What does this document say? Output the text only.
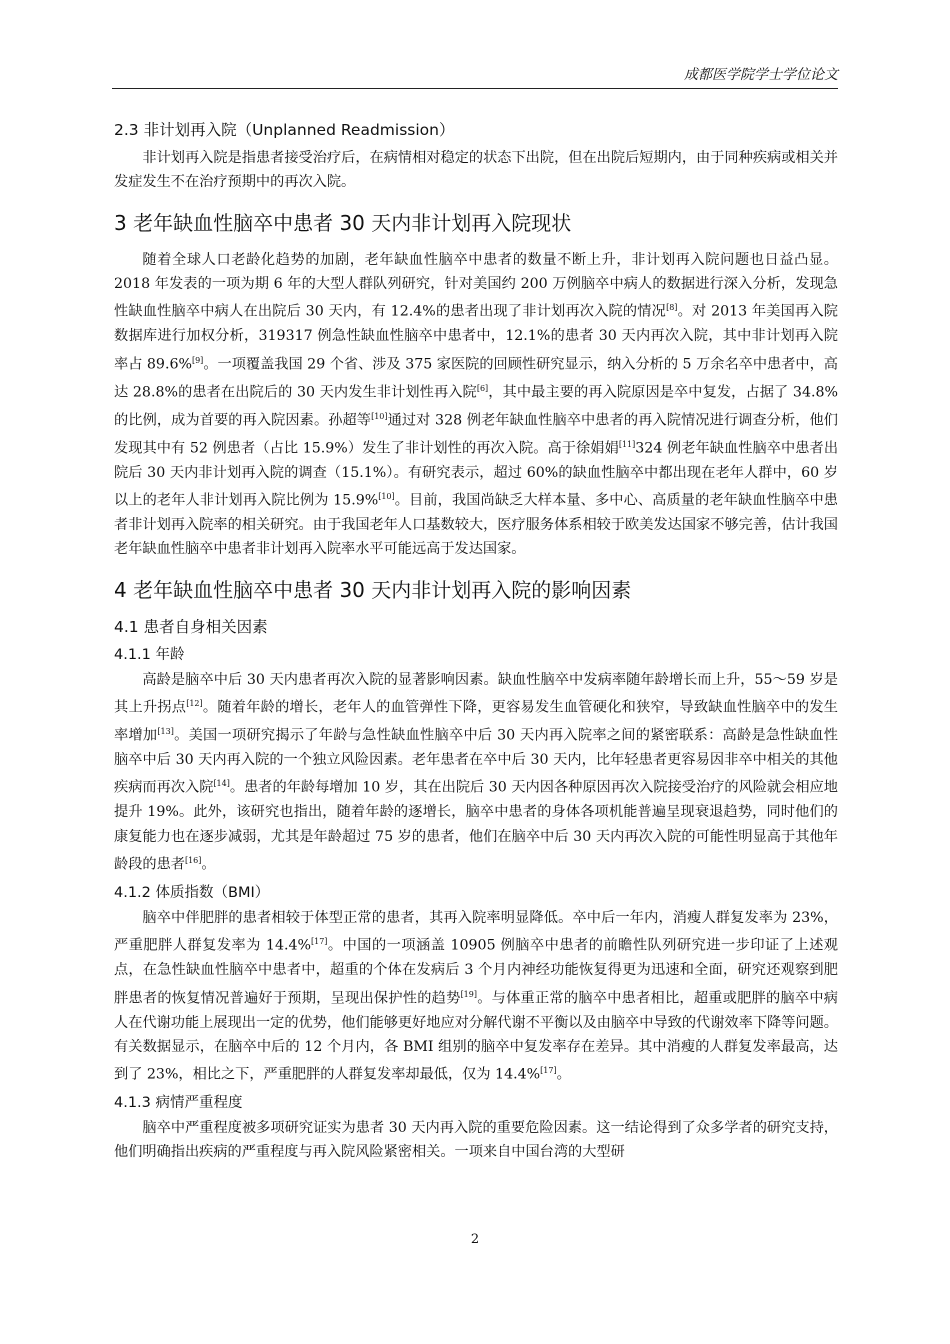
成都医学院学士学位论文
2.3 非计划再入院（Unplanned Readmission）

非计划再入院是指患者接受治疗后，在病情相对稳定的状态下出院，但在出院后短期内，由于同种疾病或相关并发症发生不在治疗预期中的再次入院。

3 老年缺血性脑卒中患者 30 天内非计划再入院现状

随着全球人口老龄化趋势的加剧，老年缺血性脑卒中患者的数量不断上升，非计划再入院问题也日益凸显。2018 年发表的一项为期 6 年的大型人群队列研究，针对美国约 200 万例脑卒中病人的数据进行深入分析，发现急性缺血性脑卒中病人在出院后 30 天内，有 12.4%的患者出现了非计划再次入院的情况[8]。对 2013 年美国再入院数据库进行加权分析，319317 例急性缺血性脑卒中患者中，12.1%的患者 30 天内再次入院，其中非计划再入院率占 89.6%[9]。一项覆盖我国 29 个省、涉及 375 家医院的回顾性研究显示，纳入分析的 5 万余名卒中患者中，高达 28.8%的患者在出院后的 30 天内发生非计划性再入院[6]，其中最主要的再入院原因是卒中复发，占据了 34.8%的比例，成为首要的再入院因素。孙超等[10]通过对 328 例老年缺血性脑卒中患者的再入院情况进行调查分析，他们发现其中有 52 例患者（占比 15.9%）发生了非计划性的再次入院。高于徐娟娟[11]324 例老年缺血性脑卒中患者出院后 30 天内非计划再入院的调查（15.1%）。有研究表示，超过 60%的缺血性脑卒中都出现在老年人群中，60 岁以上的老年人非计划再入院比例为 15.9%[10]。目前，我国尚缺乏大样本量、多中心、高质量的老年缺血性脑卒中患者非计划再入院率的相关研究。由于我国老年人口基数较大，医疗服务体系相较于欧美发达国家不够完善，估计我国老年缺血性脑卒中患者非计划再入院率水平可能远高于发达国家。

4 老年缺血性脑卒中患者 30 天内非计划再入院的影响因素
4.1 患者自身相关因素
4.1.1 年龄

高龄是脑卒中后 30 天内患者再次入院的显著影响因素。缺血性脑卒中发病率随年龄增长而上升，55～59 岁是其上升拐点[12]。随着年龄的增长，老年人的血管弹性下降，更容易发生血管硬化和狭窄，导致缺血性脑卒中的发生率增加[13]。美国一项研究揭示了年龄与急性缺血性脑卒中后 30 天内再入院率之间的紧密联系：高龄是急性缺血性脑卒中后 30 天内再入院的一个独立风险因素。老年患者在卒中后 30 天内，比年轻患者更容易因非卒中相关的其他疾病而再次入院[14]。患者的年龄每增加 10 岁，其在出院后 30 天内因各种原因再次入院接受治疗的风险就会相应地提升 19%。此外，该研究也指出，随着年龄的逐增长，脑卒中患者的身体各项机能普遍呈现衰退趋势，同时他们的康复能力也在逐步减弱，尤其是年龄超过 75 岁的患者，他们在脑卒中后 30 天内再次入院的可能性明显高于其他年龄段的患者[16]。

4.1.2 体质指数（BMI）

脑卒中伴肥胖的患者相较于体型正常的患者，其再入院率明显降低。卒中后一年内，消瘦人群复发率为 23%，严重肥胖人群复发率为 14.4%[17]。中国的一项涵盖 10905 例脑卒中患者的前瞻性队列研究进一步印证了上述观点，在急性缺血性脑卒中患者中，超重的个体在发病后 3 个月内神经功能恢复得更为迅速和全面，研究还观察到肥胖患者的恢复情况普遍好于预期，呈现出保护性的趋势[19]。与体重正常的脑卒中患者相比，超重或肥胖的脑卒中病人在代谢功能上展现出一定的优势，他们能够更好地应对分解代谢不平衡以及由脑卒中导致的代谢效率下降等问题。有关数据显示，在脑卒中后的 12 个月内，各 BMI 组别的脑卒中复发率存在差异。其中消瘦的人群复发率最高，达到了 23%，相比之下，严重肥胖的人群复发率却最低，仅为 14.4%[17]。

4.1.3 病情严重程度

脑卒中严重程度被多项研究证实为患者 30 天内再入院的重要危险因素。这一结论得到了众多学者的研究支持，他们明确指出疾病的严重程度与再入院风险紧密相关。一项来自中国台湾的大型研

2
